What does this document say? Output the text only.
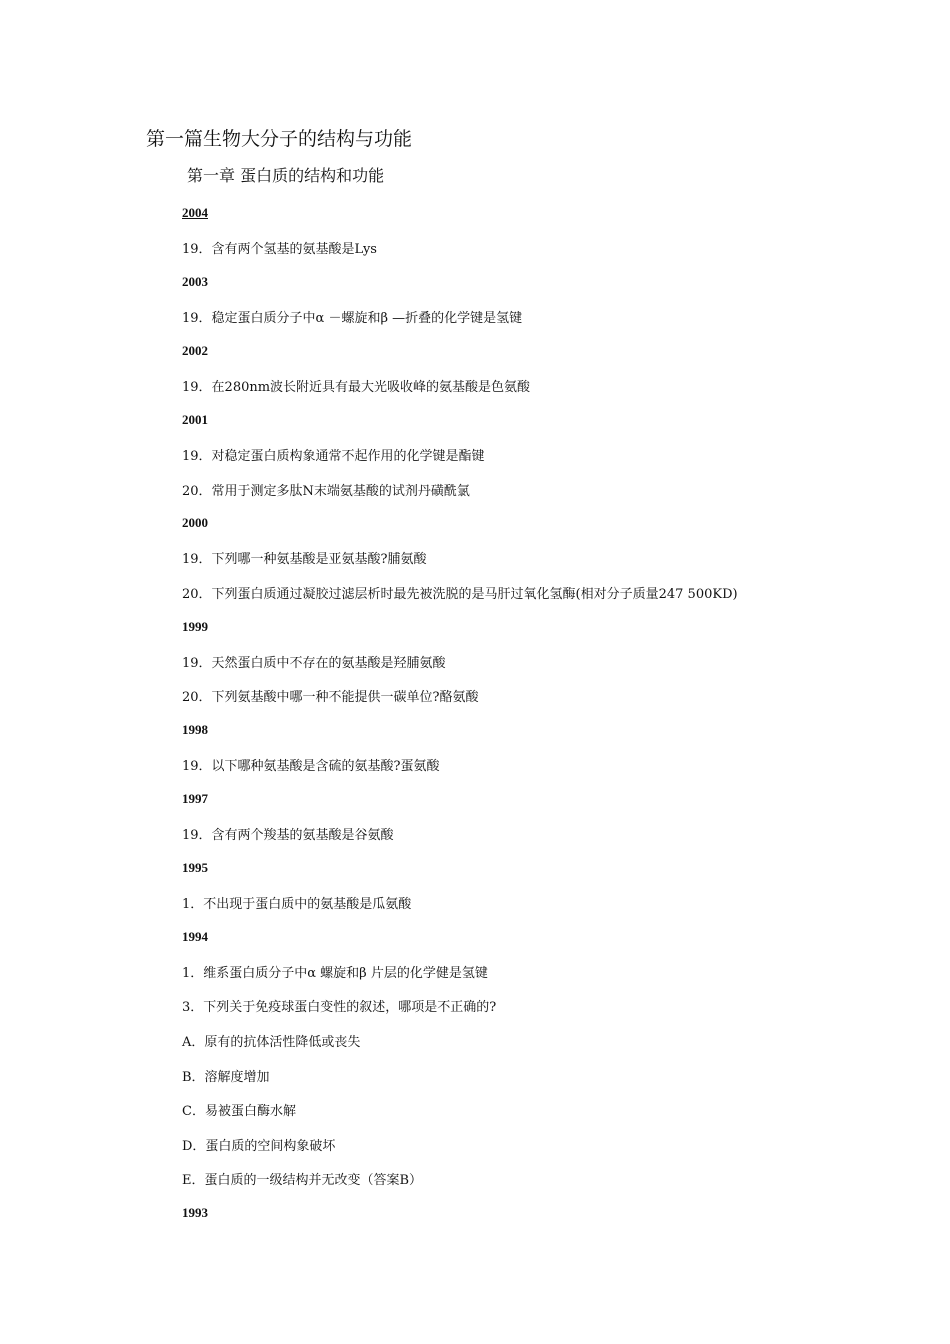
第一篇生物大分子的结构与功能
第一章 蛋白质的结构和功能
2004
19．含有两个氢基的氨基酸是Lys
2003
19．稳定蛋白质分子中α －螺旋和β —折叠的化学键是氢键
2002
19．在280nm波长附近具有最大光吸收峰的氨基酸是色氨酸
2001
19．对稳定蛋白质构象通常不起作用的化学键是酯键
20．常用于测定多肽N末端氨基酸的试剂丹磺酰氯
2000
19．下列哪一种氨基酸是亚氨基酸?脯氨酸
20．下列蛋白质通过凝胶过滤层析时最先被洗脱的是马肝过氧化氢酶(相对分子质量247 500KD)
1999
19．天然蛋白质中不存在的氨基酸是羟脯氨酸
20．下列氨基酸中哪一种不能提供一碳单位?酪氨酸
1998
19．以下哪种氨基酸是含硫的氨基酸?蛋氨酸
1997
19．含有两个羧基的氨基酸是谷氨酸
1995
1．不出现于蛋白质中的氨基酸是瓜氨酸
1994
1．维系蛋白质分子中α 螺旋和β 片层的化学健是氢键
3．下列关于免疫球蛋白变性的叙述，哪项是不正确的?
A．原有的抗体活性降低或丧失
B．溶解度增加
C．易被蛋白酶水解
D．蛋白质的空间构象破坏
E．蛋白质的一级结构并无改变（答案B）
1993
